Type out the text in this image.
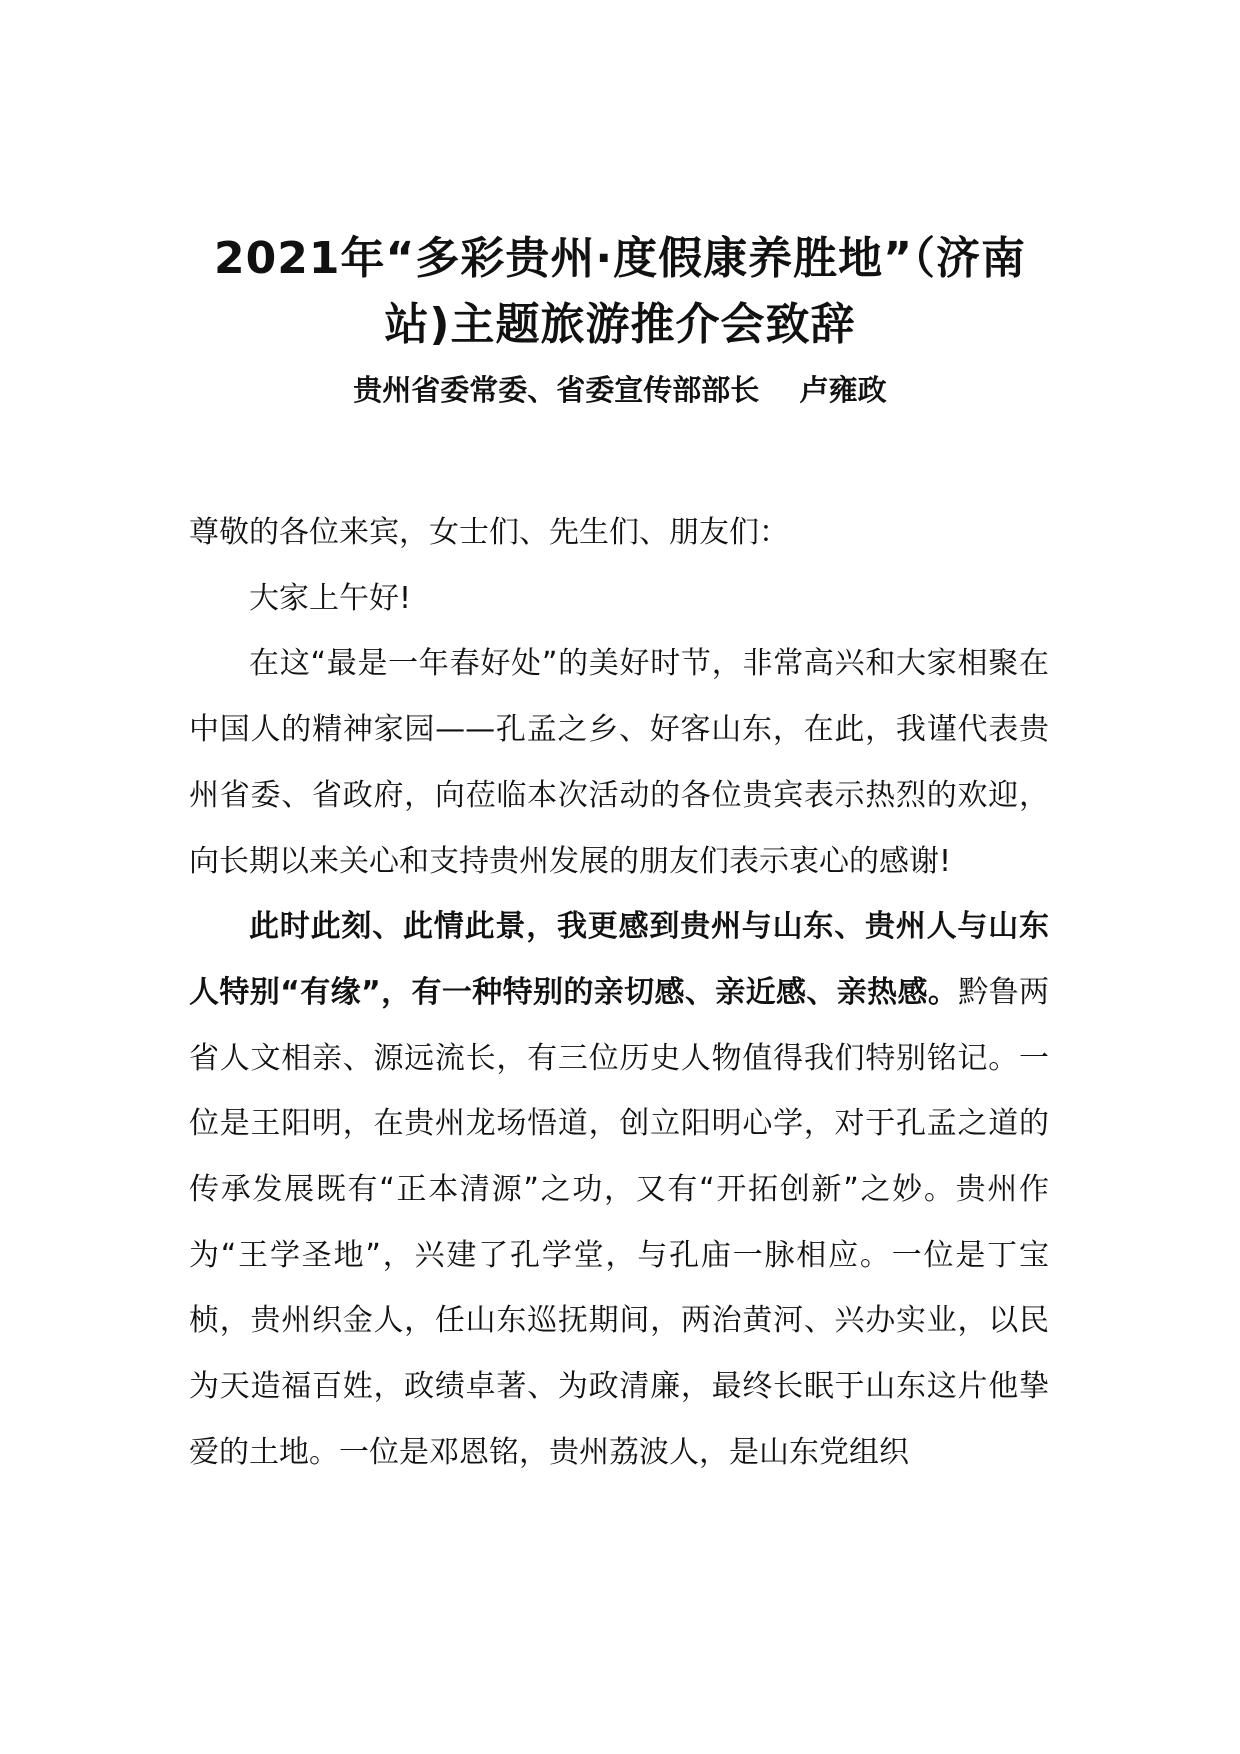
2021年“多彩贵州·度假康养胜地”（济南
站)主题旅游推介会致辞
贵州省委常委、省委宣传部部长    卢雍政

尊敬的各位来宾，女士们、先生们、朋友们：

大家上午好!

在这“最是一年春好处”的美好时节，非常高兴和大家相聚在中国人的精神家园——孔孟之乡、好客山东，在此，我谨代表贵州省委、省政府，向莅临本次活动的各位贵宾表示热烈的欢迎，向长期以来关心和支持贵州发展的朋友们表示衷心的感谢!

此时此刻、此情此景，我更感到贵州与山东、贵州人与山东人特别“有缘”，有一种特别的亲切感、亲近感、亲热感。黔鲁两省人文相亲、源远流长，有三位历史人物值得我们特别铭记。一位是王阳明，在贵州龙场悟道，创立阳明心学，对于孔孟之道的传承发展既有“正本清源”之功，又有“开拓创新”之妙。贵州作为“王学圣地”，兴建了孔学堂，与孔庙一脉相应。一位是丁宝桢，贵州织金人，任山东巡抚期间，两治黄河、兴办实业，以民为天造福百姓，政绩卓著、为政清廉，最终长眠于山东这片他挚爱的土地。一位是邓恩铭，贵州荔波人，是山东党组织
